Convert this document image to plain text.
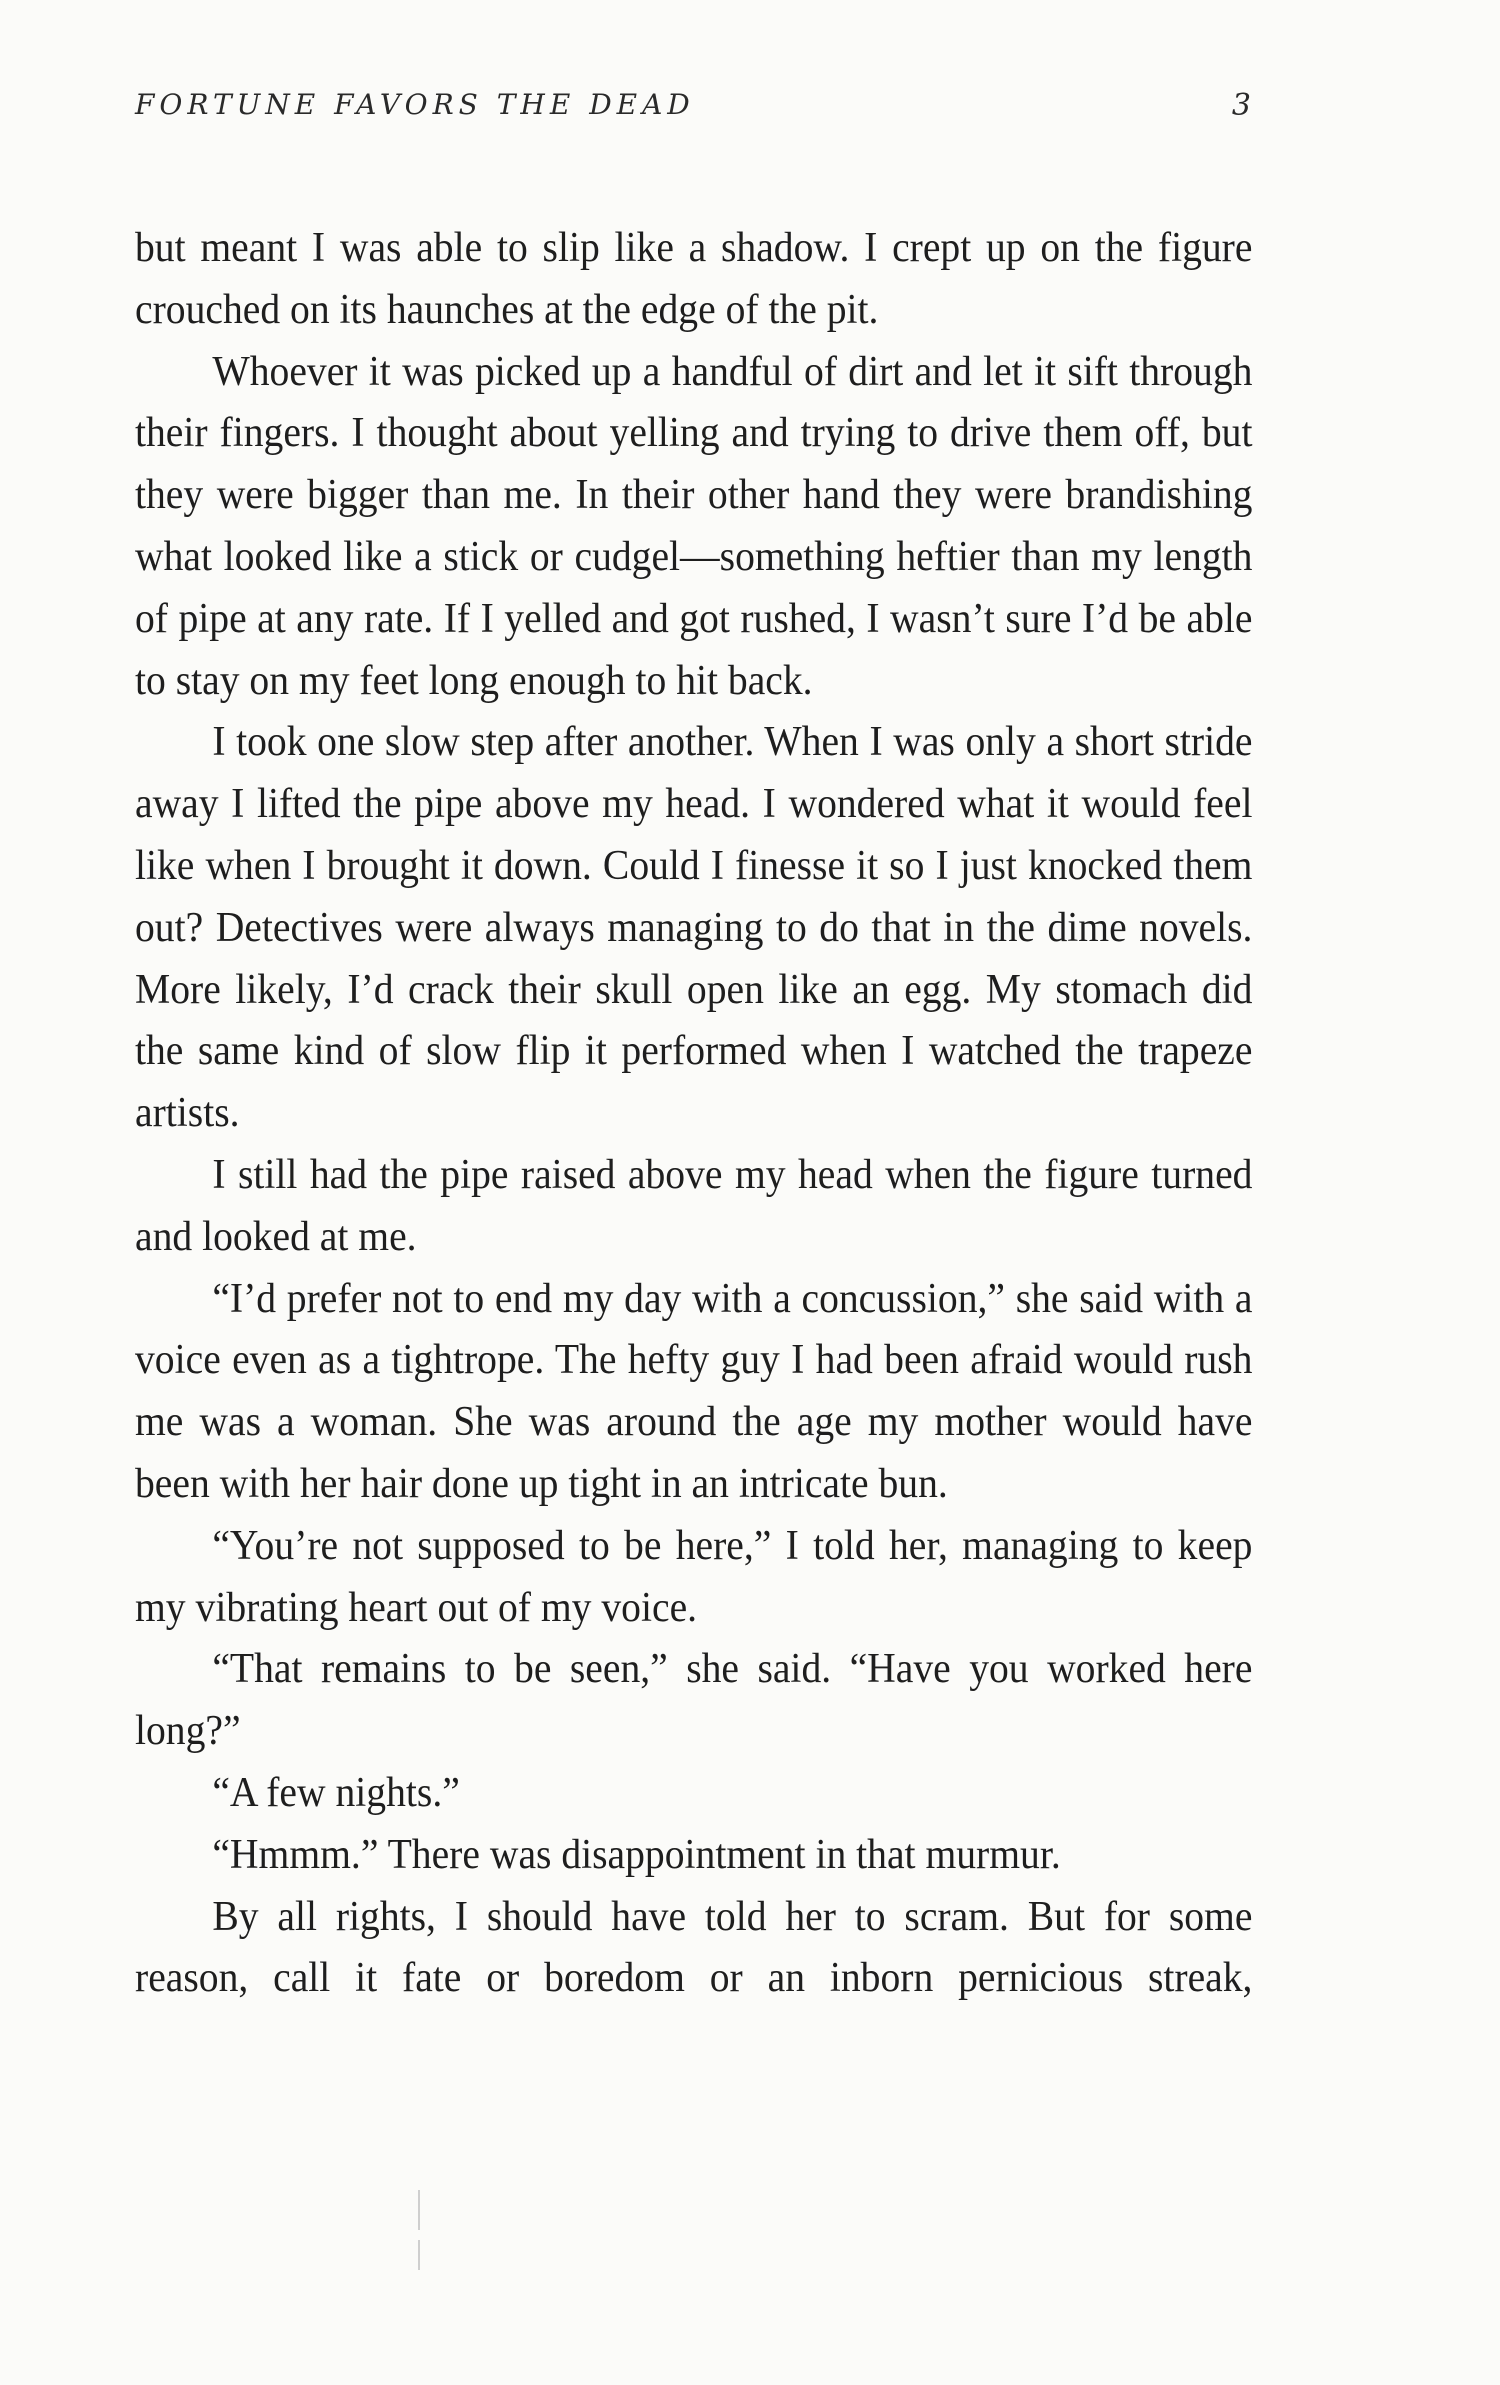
FORTUNE FAVORS THE DEAD	3

but meant I was able to slip like a shadow. I crept up on the figure crouched on its haunches at the edge of the pit.

Whoever it was picked up a handful of dirt and let it sift through their fingers. I thought about yelling and trying to drive them off, but they were bigger than me. In their other hand they were brandishing what looked like a stick or cudgel—something heftier than my length of pipe at any rate. If I yelled and got rushed, I wasn’t sure I’d be able to stay on my feet long enough to hit back.

I took one slow step after another. When I was only a short stride away I lifted the pipe above my head. I wondered what it would feel like when I brought it down. Could I finesse it so I just knocked them out? Detectives were always managing to do that in the dime novels. More likely, I’d crack their skull open like an egg. My stomach did the same kind of slow flip it performed when I watched the trapeze artists.

I still had the pipe raised above my head when the figure turned and looked at me.

“I’d prefer not to end my day with a concussion,” she said with a voice even as a tightrope. The hefty guy I had been afraid would rush me was a woman. She was around the age my mother would have been with her hair done up tight in an intricate bun.

“You’re not supposed to be here,” I told her, managing to keep my vibrating heart out of my voice.

“That remains to be seen,” she said. “Have you worked here long?”

“A few nights.”

“Hmmm.” There was disappointment in that murmur.

By all rights, I should have told her to scram. But for some reason, call it fate or boredom or an inborn pernicious streak,
